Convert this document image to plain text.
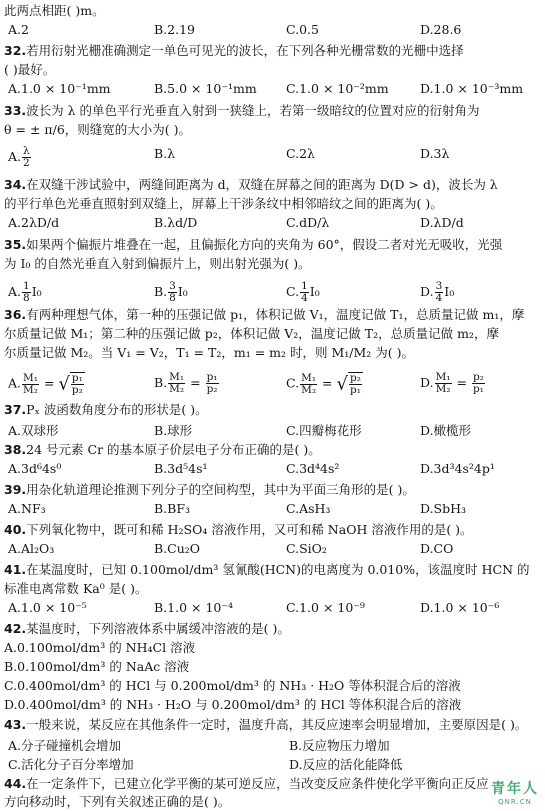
此两点相距( )m。
A.2	B.2.19	C.0.5	D.28.6
32.若用衍射光栅准确测定一单色可见光的波长，在下列各种光栅常数的光栅中选择
( )最好。
A.1.0 × 10⁻¹mm	B.5.0 × 10⁻¹mm C.1.0 × 10⁻²mm	D.1.0 × 10⁻³mm
33.波长为 λ 的单色平行光垂直入射到一狭缝上，若第一级暗纹的位置对应的衍射角为
θ = ± π/6，则缝宽的大小为( )。
A. $\frac{\lambda}{2}$	B.λ	C.2λ	D.3λ
34.在双缝干涉试验中，两缝间距离为 d，双缝在屏幕之间的距离为 D(D > d)，波长为 λ
的平行单色光垂直照射到双缝上，屏幕上干涉条纹中相邻暗纹之间的距离为( )。
A.2λD/d	B.λd/D	C.dD/λ	D.λD/d
35.如果两个偏振片堆叠在一起，且偏振化方向的夹角为 60°，假设二者对光无吸收，光强
为 I₀ 的自然光垂直入射到偏振片上，则出射光强为( )。
A. $\frac{1}{8} I_0$	B. $\frac{3}{8} I_0$	C. $\frac{1}{4} I_0$	D. $\frac{3}{4} I_0$
36.有两种理想气体，第一种的压强记做 p₁，体积记做 V₁，温度记做 T₁，总质量记做 m₁，摩
尔质量记做 M₁；第二种的压强记做 p₂，体积记做 V₂，温度记做 T₂，总质量记做 m₂，摩
尔质量记做 M₂。当 V₁ = V₂，T₁ = T₂，m₁ = m₂ 时，则 M₁/M₂ 为( )。
A. $\frac{\text{M₁}}{\text{M₂}}$ = √ $\frac{\text{p₁}}{\text{p₂}}$	B. $\frac{\text{M₁}}{\text{M₂}} = \frac{\text{p₁}}{\text{p₂}}$	C. $\frac{\text{M₁}}{\text{M₂}}$ = √ $\frac{\text{p₂}}{\text{p₁}}$	D. $\frac{\text{M₁}}{\text{M₂}} = \frac{\text{p₂}}{\text{p₁}}$
37.Pₓ 波函数角度分布的形状是( )。
A.双球形	B.球形	C.四瓣梅花形	D.橄榄形
38.24 号元素 Cr 的基本原子价层电子分布正确的是( )。
A.3d⁶4s⁰	B.3d⁵4s¹	C.3d⁴4s²	D.3d³4s²4p¹
39.用杂化轨道理论推测下列分子的空间构型，其中为平面三角形的是( )。
A.NF₃	B.BF₃	C.AsH₃	D.SbH₃
40.下列氧化物中，既可和稀 H₂SO₄ 溶液作用，又可和稀 NaOH 溶液作用的是( )。
A.Al₂O₃	B.Cu₂O	C.SiO₂	D.CO
41.在某温度时，已知 0.100mol/dm³ 氢氰酸(HCN)的电离度为 0.010%，该温度时 HCN 的
标准电离常数 Ka⁰ 是( )。
A.1.0 × 10⁻⁵	B.1.0 × 10⁻⁴	C.1.0 × 10⁻⁹	D.1.0 × 10⁻⁶
42.某温度时，下列溶液体系中属缓冲溶液的是( )。
A.0.100mol/dm³ 的 NH₄Cl 溶液
B.0.100mol/dm³ 的 NaAc 溶液
C.0.400mol/dm³ 的 HCl 与 0.200mol/dm³ 的 NH₃ · H₂O 等体积混合后的溶液
D.0.400mol/dm³ 的 NH₃ · H₂O 与 0.200mol/dm³ 的 HCl 等体积混合后的溶液
43.一般来说，某反应在其他条件一定时，温度升高，其反应速率会明显增加，主要原因是( )。
A.分子碰撞机会增加	B.反应物压力增加
C.活化分子百分率增加	D.反应的活化能降低
44.在一定条件下，已建立化学平衡的某可逆反应，当改变反应条件使化学平衡向正反应
方向移动时，下列有关叙述正确的是( )。
青年人
QNR.CN
